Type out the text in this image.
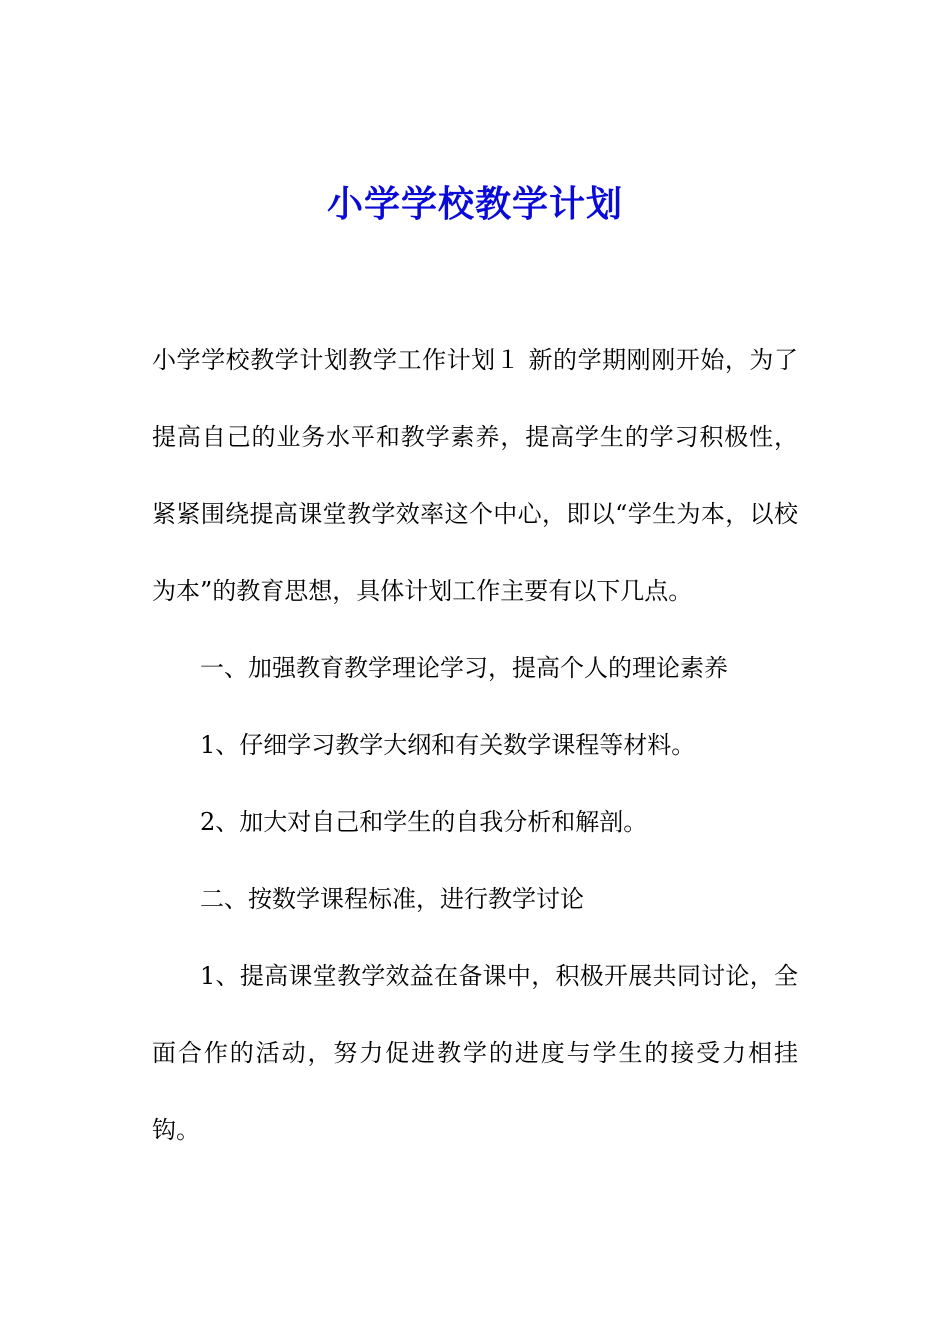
小学学校教学计划

小学学校教学计划教学工作计划１ 新的学期刚刚开始，为了提高自己的业务水平和教学素养，提高学生的学习积极性，紧紧围绕提高课堂教学效率这个中心，即以“学生为本，以校为本”的教育思想，具体计划工作主要有以下几点。

一、加强教育教学理论学习，提高个人的理论素养

1、仔细学习教学大纲和有关数学课程等材料。

2、加大对自己和学生的自我分析和解剖。

二、按数学课程标准，进行教学讨论

1、提高课堂教学效益在备课中，积极开展共同讨论，全面合作的活动，努力促进教学的进度与学生的接受力相挂钩。
